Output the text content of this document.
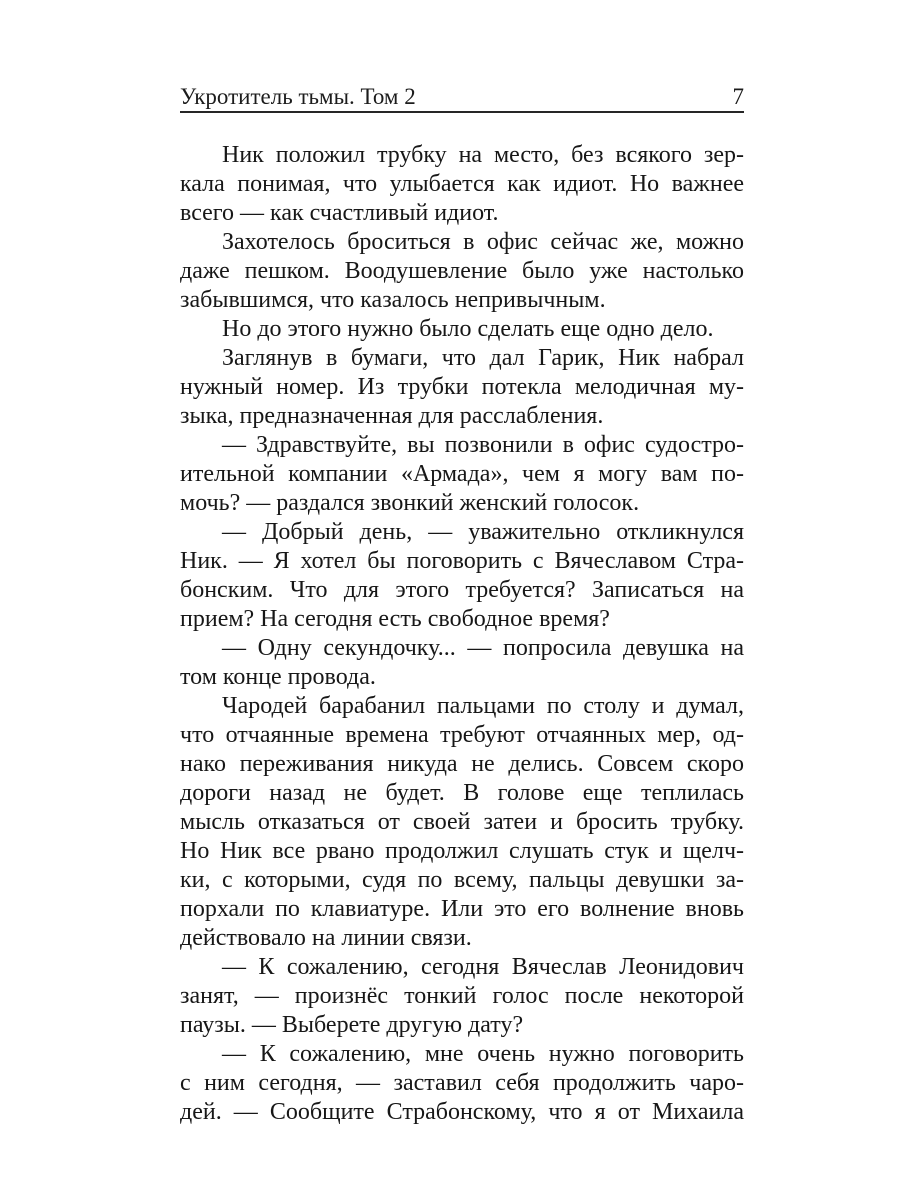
Укротитель тьмы. Том 2	7
Ник положил трубку на место, без всякого зер-
кала понимая, что улыбается как идиот. Но важнее
всего — как счастливый идиот.
Захотелось броситься в офис сейчас же, можно
даже пешком. Воодушевление было уже настолько
забывшимся, что казалось непривычным.
Но до этого нужно было сделать еще одно дело.
Заглянув в бумаги, что дал Гарик, Ник набрал
нужный номер. Из трубки потекла мелодичная му-
зыка, предназначенная для расслабления.
— Здравствуйте, вы позвонили в офис судостро-
ительной компании «Армада», чем я могу вам по-
мочь? — раздался звонкий женский голосок.
— Добрый день, — уважительно откликнулся
Ник. — Я хотел бы поговорить с Вячеславом Стра-
бонским. Что для этого требуется? Записаться на
прием? На сегодня есть свободное время?
— Одну секундочку... — попросила девушка на
том конце провода.
Чародей барабанил пальцами по столу и думал,
что отчаянные времена требуют отчаянных мер, од-
нако переживания никуда не делись. Совсем скоро
дороги назад не будет. В голове еще теплилась
мысль отказаться от своей затеи и бросить трубку.
Но Ник все рвано продолжил слушать стук и щелч-
ки, с которыми, судя по всему, пальцы девушки за-
порхали по клавиатуре. Или это его волнение вновь
действовало на линии связи.
— К сожалению, сегодня Вячеслав Леонидович
занят, — произнёс тонкий голос после некоторой
паузы. — Выберете другую дату?
— К сожалению, мне очень нужно поговорить
с ним сегодня, — заставил себя продолжить чаро-
дей. — Сообщите Страбонскому, что я от Михаила
